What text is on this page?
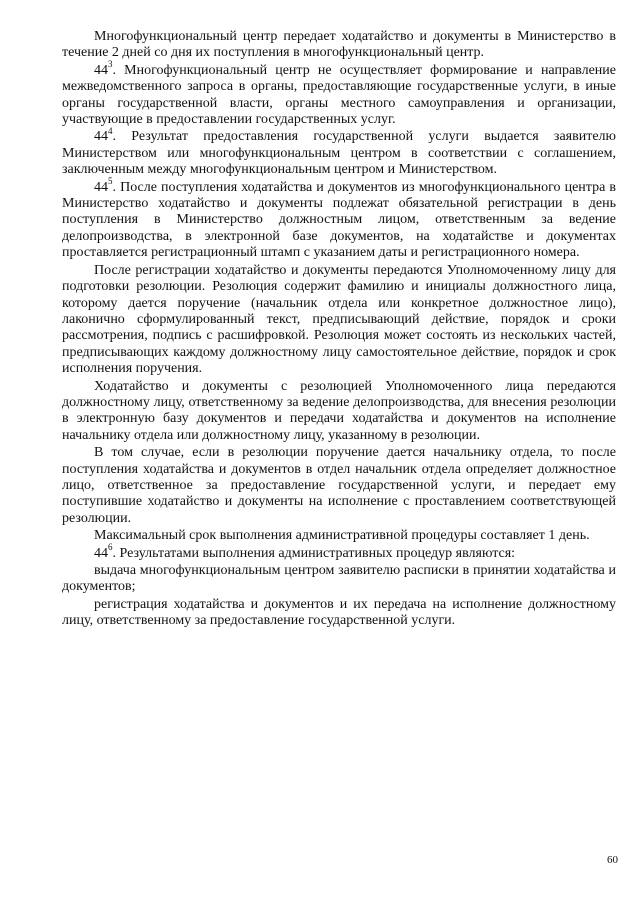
Многофункциональный центр передает ходатайство и документы в Министерство в течение 2 дней со дня их поступления в многофункциональный центр.

$44^3$. Многофункциональный центр не осуществляет формирование и направление межведомственного запроса в органы, предоставляющие государственные услуги, в иные органы государственной власти, органы местного самоуправления и организации, участвующие в предоставлении государственных услуг.

$44^4$. Результат предоставления государственной услуги выдается заявителю Министерством или многофункциональным центром в соответствии с соглашением, заключенным между многофункциональным центром и Министерством.

$44^5$. После поступления ходатайства и документов из многофункционального центра в Министерство ходатайство и документы подлежат обязательной регистрации в день поступления в Министерство должностным лицом, ответственным за ведение делопроизводства, в электронной базе документов, на ходатайстве и документах проставляется регистрационный штамп с указанием даты и регистрационного номера.

После регистрации ходатайство и документы передаются Уполномоченному лицу для подготовки резолюции. Резолюция содержит фамилию и инициалы должностного лица, которому дается поручение (начальник отдела или конкретное должностное лицо), лаконично сформулированный текст, предписывающий действие, порядок и сроки рассмотрения, подпись с расшифровкой. Резолюция может состоять из нескольких частей, предписывающих каждому должностному лицу самостоятельное действие, порядок и срок исполнения поручения.

Ходатайство и документы с резолюцией Уполномоченного лица передаются должностному лицу, ответственному за ведение делопроизводства, для внесения резолюции в электронную базу документов и передачи ходатайства и документов на исполнение начальнику отдела или должностному лицу, указанному в резолюции.

В том случае, если в резолюции поручение дается начальнику отдела, то после поступления ходатайства и документов в отдел начальник отдела определяет должностное лицо, ответственное за предоставление государственной услуги, и передает ему поступившие ходатайство и документы на исполнение с проставлением соответствующей резолюции.

Максимальный срок выполнения административной процедуры составляет 1 день.

$44^6$. Результатами выполнения административных процедур являются:

выдача многофункциональным центром заявителю расписки в принятии ходатайства и документов;

регистрация ходатайства и документов и их передача на исполнение должностному лицу, ответственному за предоставление государственной услуги.

60
